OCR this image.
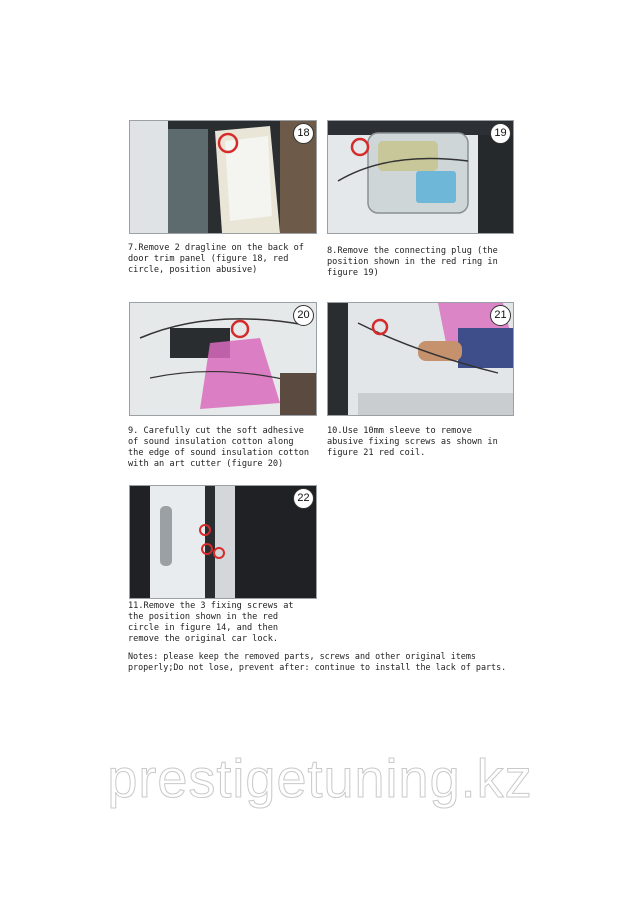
18	19
7.Remove 2 dragline on the back of door trim panel (figure 18, red circle, position abusive)
8.Remove the connecting plug (the position shown in the red ring in figure 19)
20	21
9. Carefully cut the soft adhesive of sound insulation cotton along the edge of sound insulation cotton with an art cutter (figure 20)
10.Use 10mm sleeve to remove abusive fixing screws as shown in figure 21 red coil.
22
11.Remove the 3 fixing screws at the position shown in the red circle in figure 14, and then remove the original car lock.

Notes: please keep the removed parts, screws and other original items properly;Do not lose, prevent after: continue to install the lack of parts.

prestigetuning.kz
